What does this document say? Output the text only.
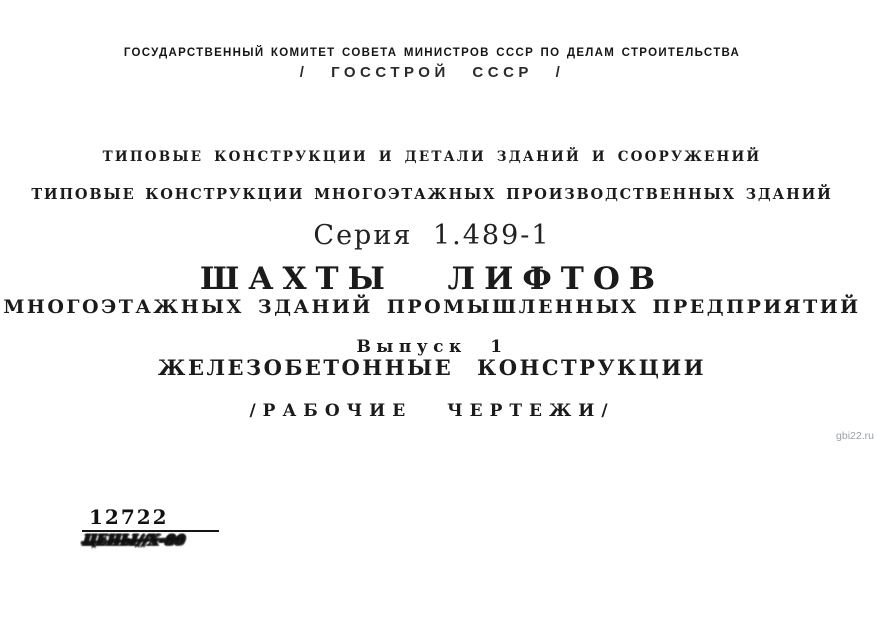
ГОСУДАРСТВЕННЫЙ КОМИТЕТ СОВЕТА МИНИСТРОВ СССР ПО ДЕЛАМ СТРОИТЕЛЬСТВА
/ ГОССТРОЙ СССР /
ТИПОВЫЕ КОНСТРУКЦИИ И ДЕТАЛИ ЗДАНИЙ И СООРУЖЕНИЙ
ТИПОВЫЕ КОНСТРУКЦИИ МНОГОЭТАЖНЫХ ПРОИЗВОДСТВЕННЫХ ЗДАНИЙ
Серия 1.489-1
ШАХТЫ ЛИФТОВ
МНОГОЭТАЖНЫХ ЗДАНИЙ ПРОМЫШЛЕННЫХ ПРЕДПРИЯТИЙ
Выпуск 1
ЖЕЛЕЗОБЕТОННЫЕ КОНСТРУКЦИИ
/РАБОЧИЕ ЧЕРТЕЖИ/
12722
ЦЕНЫ//Х-80
gbi22.ru
